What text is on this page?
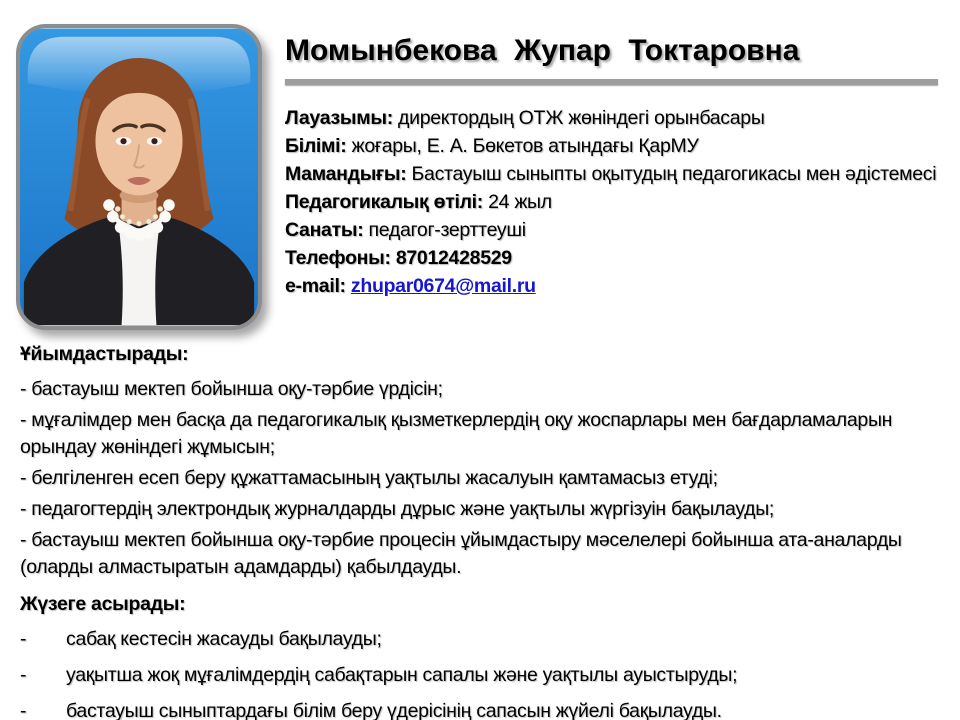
Момынбекова Жупар Токтаровна
Лауазымы: директордың ОТЖ жөніндегі орынбасары
Білімі: жоғары, Е. А. Бөкетов атындағы ҚарМУ
Мамандығы: Бастауыш сыныпты оқытудың педагогикасы мен әдістемесі
Педагогикалық өтілі: 24 жыл
Санаты: педагог-зерттеуші
Телефоны: 87012428529
e-mail: zhupar0674@mail.ru
Ұйымдастырады:
- бастауыш мектеп бойынша оқу-тәрбие үрдісін;
- мұғалімдер мен басқа да педагогикалық қызметкерлердің оқу жоспарлары мен бағдарламаларын орындау жөніндегі жұмысын;
- белгіленген есеп беру құжаттамасының уақтылы жасалуын қамтамасыз етуді;
- педагогтердің электрондық журналдарды дұрыс және уақтылы жүргізуін бақылауды;
- бастауыш мектеп бойынша оқу-тәрбие процесін ұйымдастыру мәселелері бойынша ата-аналарды (оларды алмастыратын адамдарды) қабылдауды.
Жүзеге асырады:
-	сабақ кестесін жасауды бақылауды;
-	уақытша жоқ мұғалімдердің сабақтарын сапалы және уақтылы ауыстыруды;
-	бастауыш сыныптардағы білім беру үдерісінің сапасын жүйелі бақылауды.
